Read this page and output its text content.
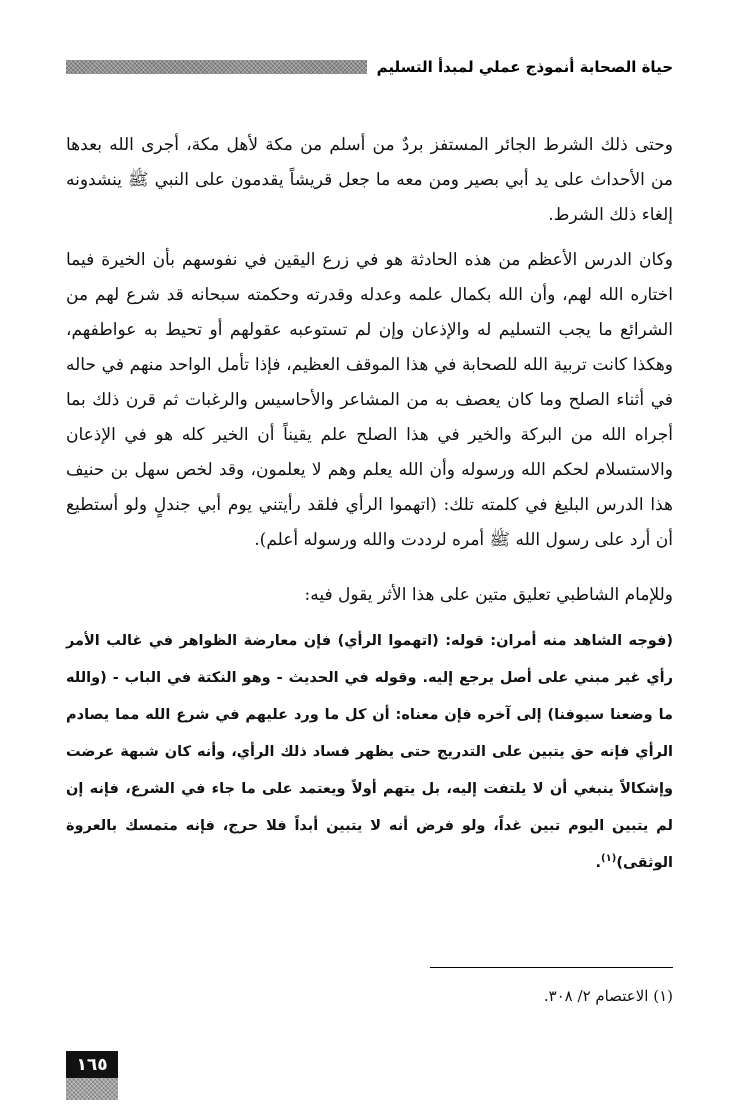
حياة الصحابة أنموذج عملي لمبدأ التسليم

وحتى ذلك الشرط الجائر المستفز بردٌ من أسلم من مكة لأهل مكة، أجرى الله بعدها من الأحداث على يد أبي بصير ومن معه ما جعل قريشاً يقدمون على النبي ﷺ ينشدونه إلغاء ذلك الشرط.

وكان الدرس الأعظم من هذه الحادثة هو في زرع اليقين في نفوسهم بأن الخيرة فيما اختاره الله لهم، وأن الله بكمال علمه وعدله وقدرته وحكمته سبحانه قد شرع لهم من الشرائع ما يجب التسليم له والإذعان وإن لم تستوعبه عقولهم أو تحيط به عواطفهم، وهكذا كانت تربية الله للصحابة في هذا الموقف العظيم، فإذا تأمل الواحد منهم في حاله في أثناء الصلح وما كان يعصف به من المشاعر والأحاسيس والرغبات ثم قرن ذلك بما أجراه الله من البركة والخير في هذا الصلح علم يقيناً أن الخير كله هو في الإذعان والاستسلام لحكم الله ورسوله وأن الله يعلم وهم لا يعلمون، وقد لخص سهل بن حنيف هذا الدرس البليغ في كلمته تلك: (اتهموا الرأي فلقد رأيتني يوم أبي جندلٍ ولو أستطيع أن أرد على رسول الله ﷺ أمره لرددت والله ورسوله أعلم).

وللإمام الشاطبي تعليق متين على هذا الأثر يقول فيه:

(فوجه الشاهد منه أمران: قوله: (اتهموا الرأي) فإن معارضة الظواهر في غالب الأمر رأي غير مبني على أصل يرجع إليه. وقوله في الحديث - وهو النكتة في الباب - (والله ما وضعنا سيوفنا) إلى آخره فإن معناه: أن كل ما ورد عليهم في شرع الله مما يصادم الرأي فإنه حق يتبين على التدريج حتى يظهر فساد ذلك الرأي، وأنه كان شبهة عرضت وإشكالاً ينبغي أن لا يلتفت إليه، بل يتهم أولاً ويعتمد على ما جاء في الشرع، فإنه إن لم يتبين اليوم تبين غداً، ولو فرض أنه لا يتبين أبداً فلا حرج، فإنه متمسك بالعروة الوثقى)$^{(١)}$.

(١) الاعتصام ٢/ ٣٠٨.
١٦٥
